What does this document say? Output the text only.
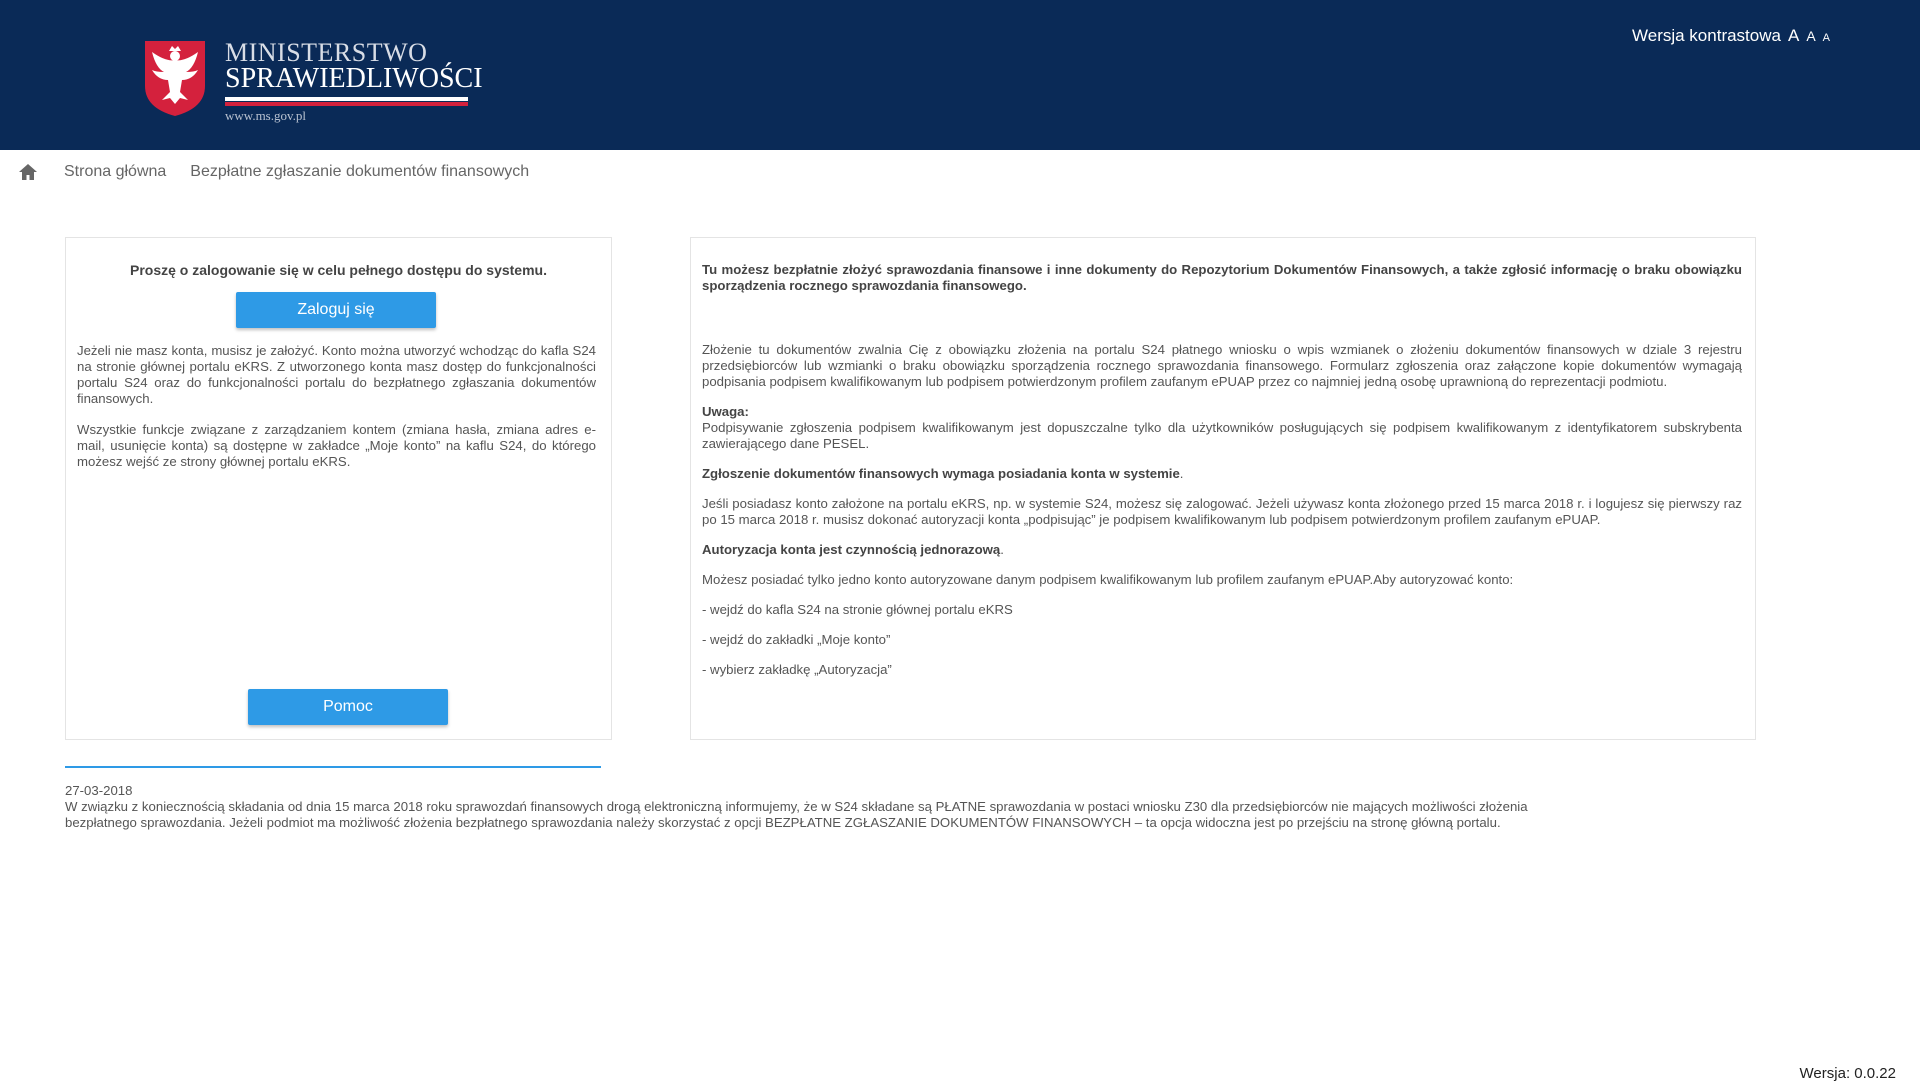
MINISTERSTWO
SPRAWIEDLIWOŚCI
www.ms.gov.pl
Wersja kontrastowa A A A
Strona główna Bezpłatne zgłaszanie dokumentów finansowych
Proszę o zalogowanie się w celu pełnego dostępu do systemu.
Zaloguj się
Jeżeli nie masz konta, musisz je założyć. Konto można utworzyć wchodząc do kafla S24 na stronie głównej portalu eKRS. Z utworzonego konta masz dostęp do funkcjonalności portalu S24 oraz do funkcjonalności portalu do bezpłatnego zgłaszania dokumentów finansowych.
Wszystkie funkcje związane z zarządzaniem kontem (zmiana hasła, zmiana adres e-mail, usunięcie konta) są dostępne w zakładce „Moje konto” na kaflu S24, do którego możesz wejść ze strony głównej portalu eKRS.
Pomoc

Tu możesz bezpłatnie złożyć sprawozdania finansowe i inne dokumenty do Repozytorium Dokumentów Finansowych, a także zgłosić informację o braku obowiązku sporządzenia rocznego sprawozdania finansowego.

Złożenie tu dokumentów zwalnia Cię z obowiązku złożenia na portalu S24 płatnego wniosku o wpis wzmianek o złożeniu dokumentów finansowych w dziale 3 rejestru przedsiębiorców lub wzmianki o braku obowiązku sporządzenia rocznego sprawozdania finansowego. Formularz zgłoszenia oraz załączone kopie dokumentów wymagają podpisania podpisem kwalifikowanym lub podpisem potwierdzonym profilem zaufanym ePUAP przez co najmniej jedną osobę uprawnioną do reprezentacji podmiotu.

Uwaga:

Podpisywanie zgłoszenia podpisem kwalifikowanym jest dopuszczalne tylko dla użytkowników posługujących się podpisem kwalifikowanym z identyfikatorem subskrybenta zawierającego dane PESEL.

Zgłoszenie dokumentów finansowych wymaga posiadania konta w systemie.

Jeśli posiadasz konto założone na portalu eKRS, np. w systemie S24, możesz się zalogować. Jeżeli używasz konta złożonego przed 15 marca 2018 r. i logujesz się pierwszy raz po 15 marca 2018 r. musisz dokonać autoryzacji konta „podpisując” je podpisem kwalifikowanym lub podpisem potwierdzonym profilem zaufanym ePUAP.

Autoryzacja konta jest czynnością jednorazową.

Możesz posiadać tylko jedno konto autoryzowane danym podpisem kwalifikowanym lub profilem zaufanym ePUAP.Aby autoryzować konto:

- wejdź do kafla S24 na stronie głównej portalu eKRS

- wejdź do zakładki „Moje konto”

- wybierz zakładkę „Autoryzacja”

27-03-2018

W związku z koniecznością składania od dnia 15 marca 2018 roku sprawozdań finansowych drogą elektroniczną informujemy, że w S24 składane są PŁATNE sprawozdania w postaci wniosku Z30 dla przedsiębiorców nie mających możliwości złożenia bezpłatnego sprawozdania. Jeżeli podmiot ma możliwość złożenia bezpłatnego sprawozdania należy skorzystać z opcji BEZPŁATNE ZGŁASZANIE DOKUMENTÓW FINANSOWYCH – ta opcja widoczna jest po przejściu na stronę główną portalu.

Wersja: 0.0.22
